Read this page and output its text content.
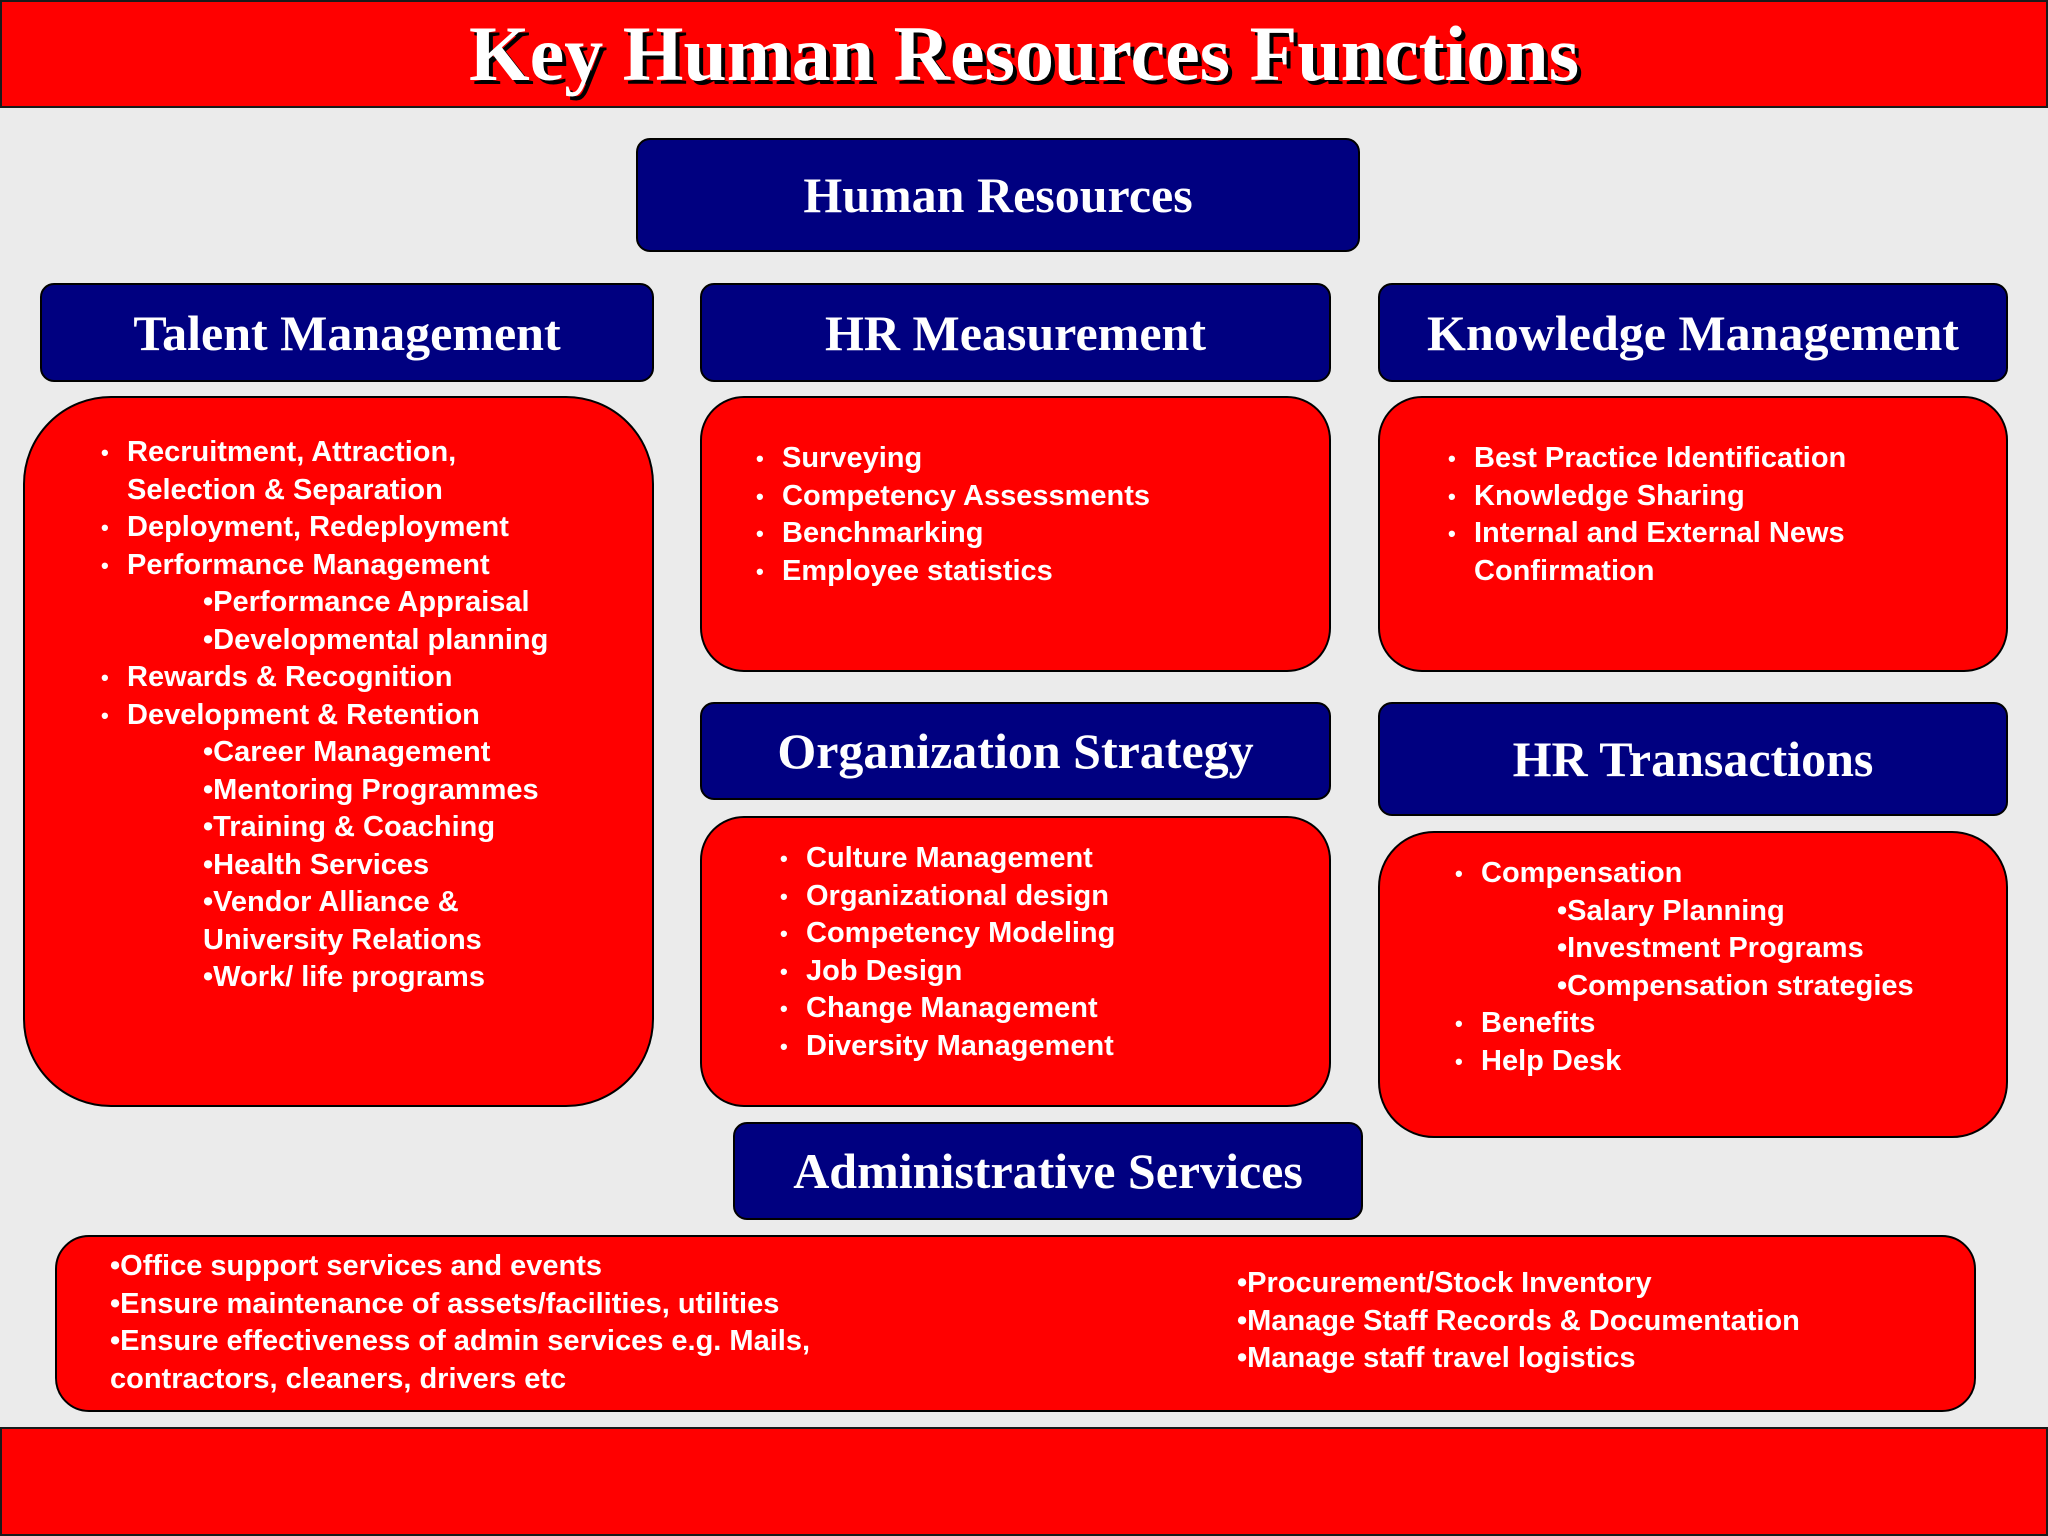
Key Human Resources Functions
Human Resources
Talent Management	HR Measurement	Knowledge Management
• Recruitment, Attraction, Selection & Separation
• Deployment, Redeployment
• Performance Management
• Performance Appraisal
• Developmental planning
• Rewards & Recognition
• Development & Retention
• Career Management
• Mentoring Programmes
• Training & Coaching
• Health Services
• Vendor Alliance & University Relations
• Work/ life programs
• Surveying
• Competency Assessments
• Benchmarking
• Employee statistics
• Best Practice Identification
• Knowledge Sharing
• Internal and External News Confirmation
Organization Strategy	HR Transactions
• Culture Management
• Organizational design
• Competency Modeling
• Job Design
• Change Management
• Diversity Management
• Compensation
• Salary Planning
• Investment Programs
• Compensation strategies
• Benefits
• Help Desk
Administrative Services
• Office support services and events
• Ensure maintenance of assets/facilities, utilities
• Ensure effectiveness of admin services e.g. Mails, contractors, cleaners, drivers etc
• Procurement/Stock Inventory
• Manage Staff Records & Documentation
• Manage staff travel logistics
